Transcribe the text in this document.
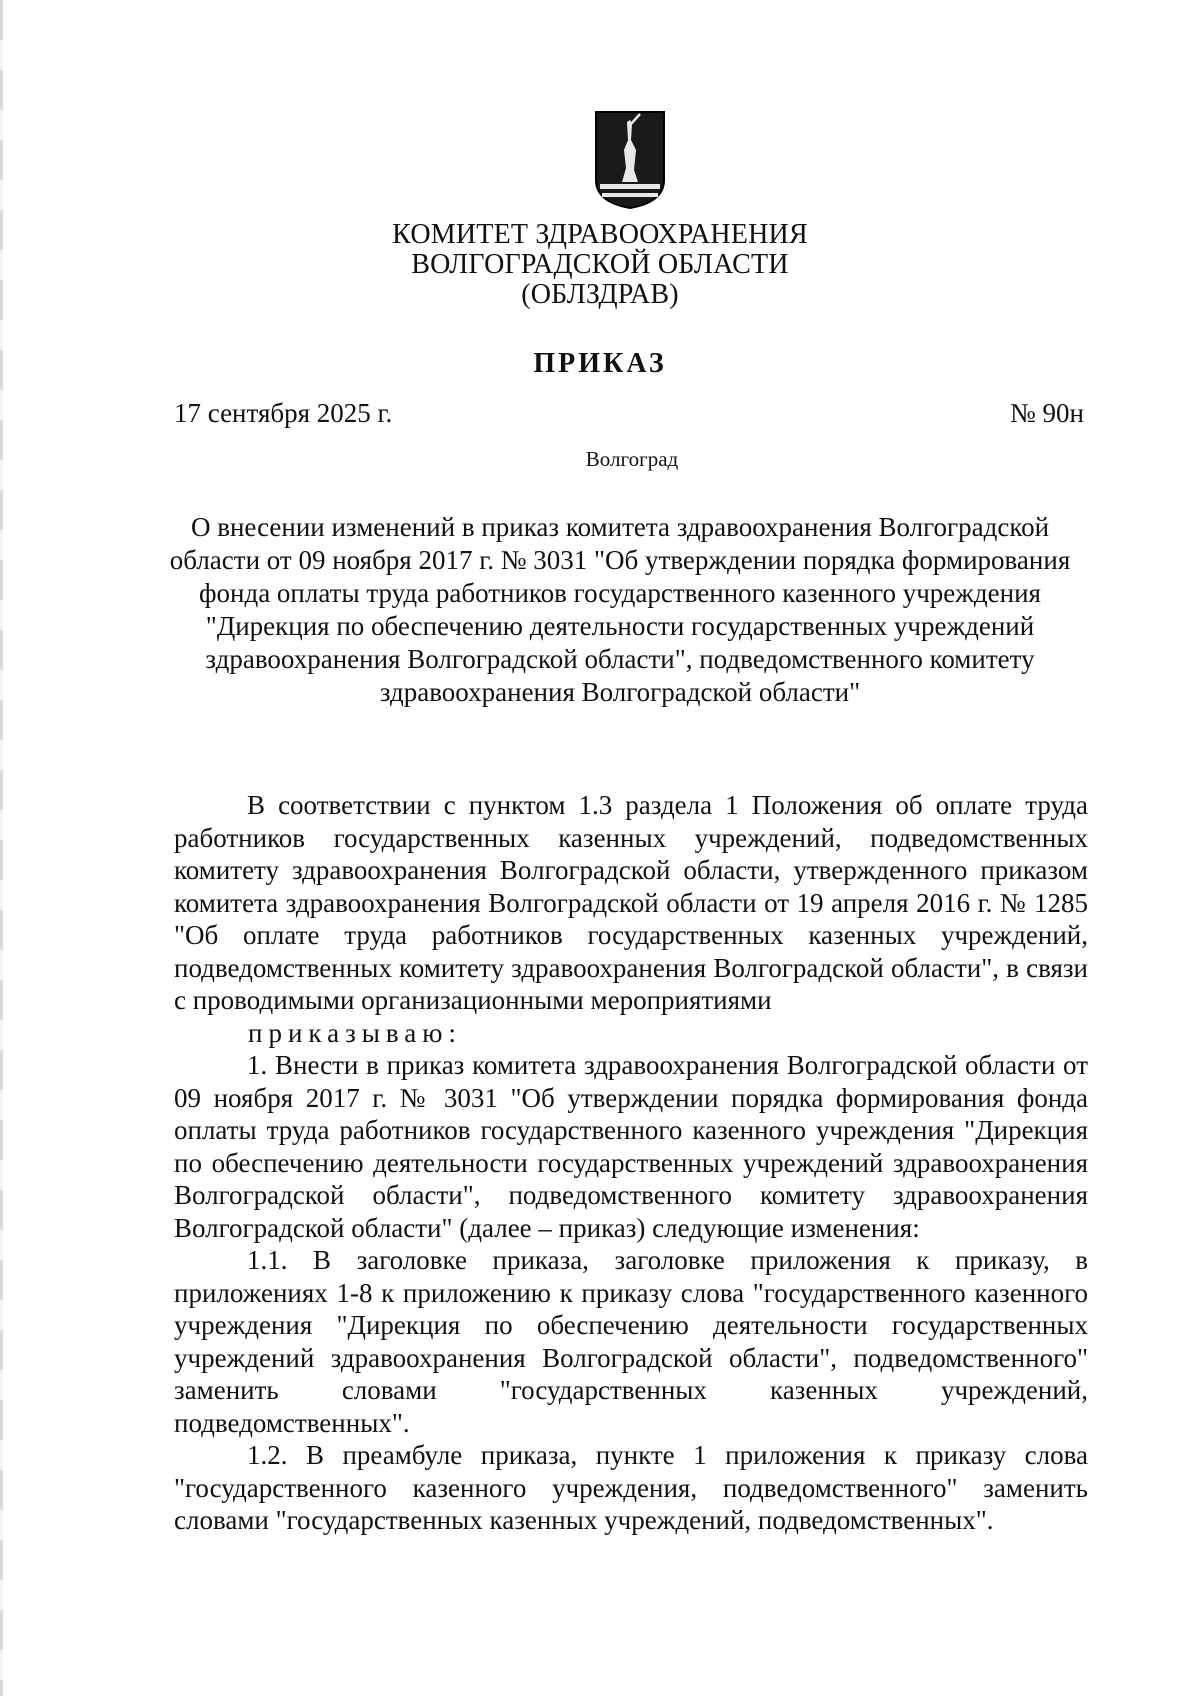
КОМИТЕТ ЗДРАВООХРАНЕНИЯ
ВОЛГОГРАДСКОЙ ОБЛАСТИ
(ОБЛЗДРАВ)
ПРИКАЗ
17 сентября 2025 г.	№ 90н
Волгоград
О внесении изменений в приказ комитета здравоохранения Волгоградской
области от 09 ноября 2017 г. № 3031 "Об утверждении порядка формирования
фонда оплаты труда работников государственного казенного учреждения
"Дирекция по обеспечению деятельности государственных учреждений
здравоохранения Волгоградской области", подведомственного комитету
здравоохранения Волгоградской области"

В соответствии с пунктом 1.3 раздела 1 Положения об оплате труда работников государственных казенных учреждений, подведомственных комитету здравоохранения Волгоградской области, утвержденного приказом комитета здравоохранения Волгоградской области от 19 апреля 2016 г. № 1285 "Об оплате труда работников государственных казенных учреждений, подведомственных комитету здравоохранения Волгоградской области", в связи с проводимыми организационными мероприятиями

приказываю:

1. Внести в приказ комитета здравоохранения Волгоградской области от 09 ноября 2017 г. № 3031 "Об утверждении порядка формирования фонда оплаты труда работников государственного казенного учреждения "Дирекция по обеспечению деятельности государственных учреждений здравоохранения Волгоградской области", подведомственного комитету здравоохранения Волгоградской области" (далее – приказ) следующие изменения:

1.1. В заголовке приказа, заголовке приложения к приказу, в приложениях 1-8 к приложению к приказу слова "государственного казенного учреждения "Дирекция по обеспечению деятельности государственных учреждений здравоохранения Волгоградской области", подведомственного" заменить словами "государственных казенных учреждений, подведомственных".

1.2. В преамбуле приказа, пункте 1 приложения к приказу слова "государственного казенного учреждения, подведомственного" заменить словами "государственных казенных учреждений, подведомственных".
